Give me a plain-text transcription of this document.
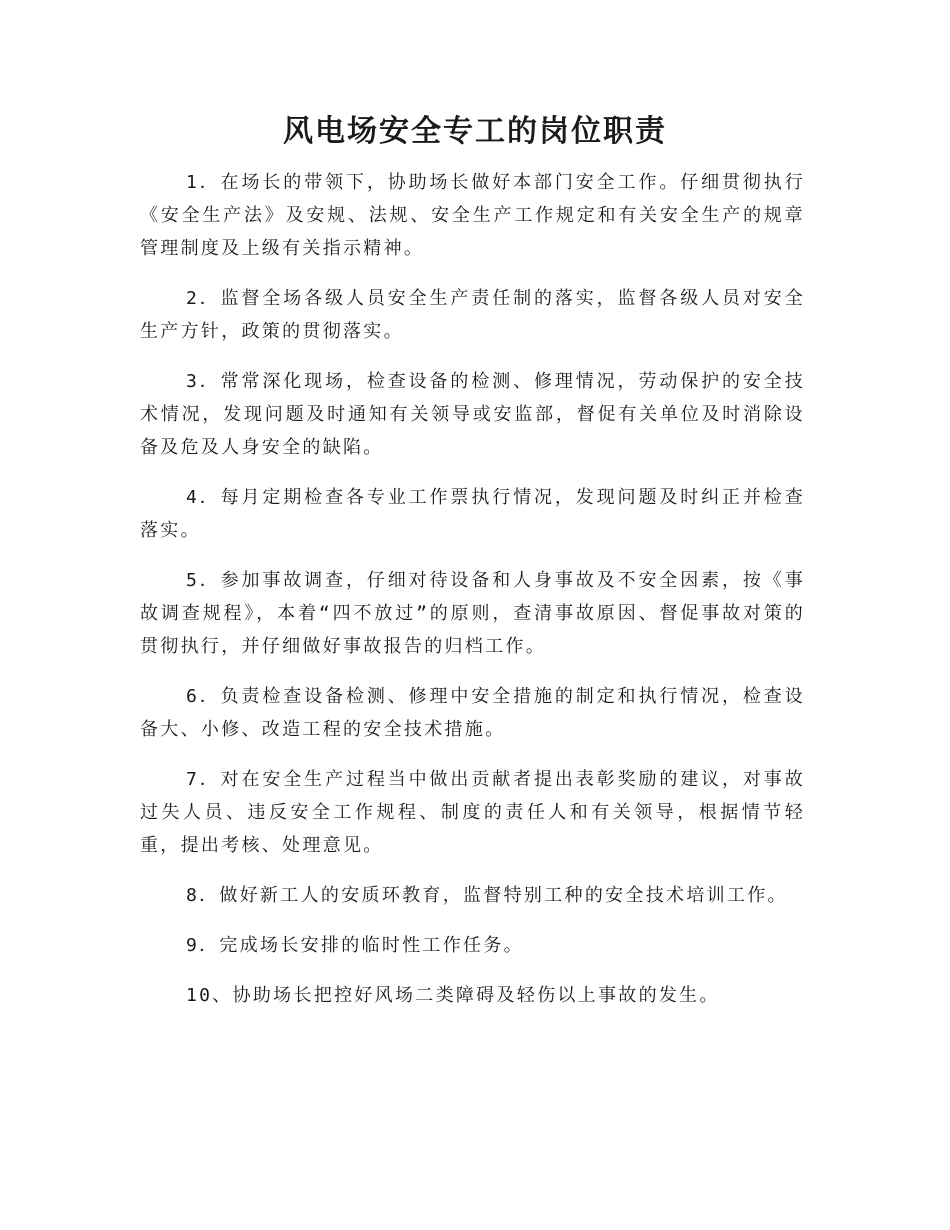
风电场安全专工的岗位职责

1．在场长的带领下，协助场长做好本部门安全工作。仔细贯彻执行《安全生产法》及安规、法规、安全生产工作规定和有关安全生产的规章管理制度及上级有关指示精神。

2．监督全场各级人员安全生产责任制的落实，监督各级人员对安全生产方针，政策的贯彻落实。

3．常常深化现场，检查设备的检测、修理情况，劳动保护的安全技术情况，发现问题及时通知有关领导或安监部，督促有关单位及时消除设备及危及人身安全的缺陷。

4．每月定期检查各专业工作票执行情况，发现问题及时纠正并检查落实。

5．参加事故调查，仔细对待设备和人身事故及不安全因素，按《事故调查规程》，本着“四不放过”的原则，查清事故原因、督促事故对策的贯彻执行，并仔细做好事故报告的归档工作。

6．负责检查设备检测、修理中安全措施的制定和执行情况，检查设备大、小修、改造工程的安全技术措施。

7．对在安全生产过程当中做出贡献者提出表彰奖励的建议，对事故过失人员、违反安全工作规程、制度的责任人和有关领导，根据情节轻重，提出考核、处理意见。

8．做好新工人的安质环教育，监督特别工种的安全技术培训工作。

9．完成场长安排的临时性工作任务。

10、协助场长把控好风场二类障碍及轻伤以上事故的发生。
